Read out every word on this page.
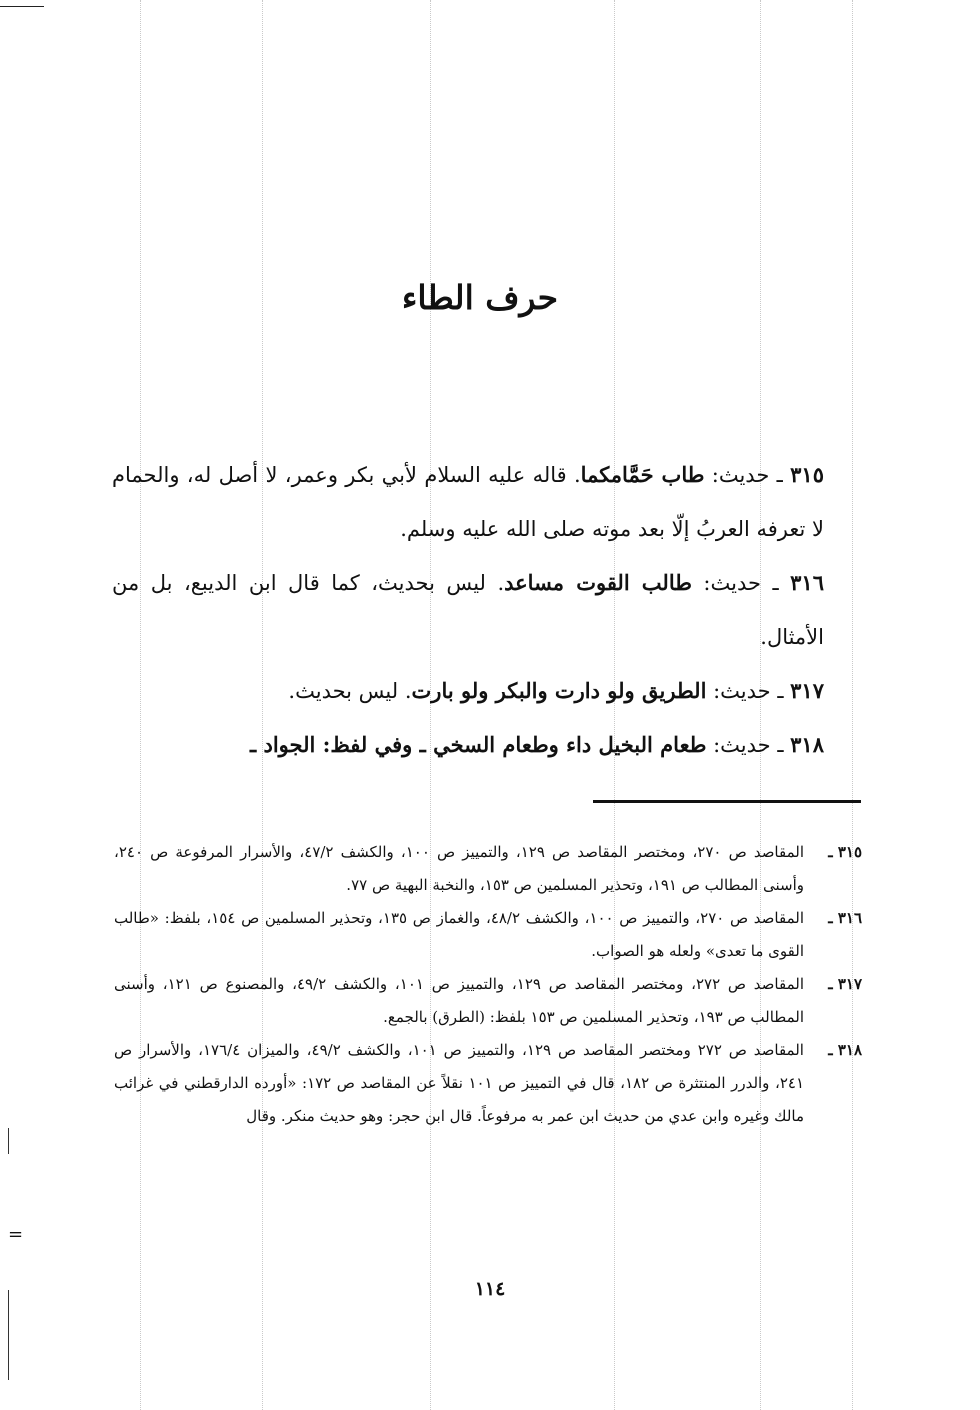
حرف الطاء

٣١٥ ـ حديث: طاب حَمَّامكما. قاله عليه السلام لأبي بكر وعمر، لا أصل له، والحمام لا تعرفه العربُ إلّا بعد موته صلى الله عليه وسلم.

٣١٦ ـ حديث: طالب القوت مساعد. ليس بحديث، كما قال ابن الديبع، بل من الأمثال.

٣١٧ ـ حديث: الطريق ولو دارت والبكر ولو بارت. ليس بحديث.

٣١٨ ـ حديث: طعام البخيل داء وطعام السخي ـ وفي لفظ: الجواد ـ

٣١٥ ـ
المقاصد ص ٢٧٠، ومختصر المقاصد ص ١٢٩، والتمييز ص ١٠٠، والكشف ٤٧/٢، والأسرار المرفوعة ص ٢٤٠، وأسنى المطالب ص ١٩١، وتحذير المسلمين ص ١٥٣، والنخبة البهية ص ٧٧.

٣١٦ ـ
المقاصد ص ٢٧٠، والتمييز ص ١٠٠، والكشف ٤٨/٢، والغماز ص ١٣٥، وتحذير المسلمين ص ١٥٤، بلفظ: «طالب القوى ما تعدى» ولعله هو الصواب.

٣١٧ ـ
المقاصد ص ٢٧٢، ومختصر المقاصد ص ١٢٩، والتمييز ص ١٠١، والكشف ٤٩/٢، والمصنوع ص ١٢١، وأسنى المطالب ص ١٩٣، وتحذير المسلمين ص ١٥٣ بلفظ: (الطرق) بالجمع.

٣١٨ ـ
المقاصد ص ٢٧٢ ومختصر المقاصد ص ١٢٩، والتمييز ص ١٠١، والكشف ٤٩/٢، والميزان ١٧٦/٤، والأسرار ص ٢٤١، والدرر المنتثرة ص ١٨٢، قال في التمييز ص ١٠١ نقلاً عن المقاصد ص ١٧٢: «أورده الدارقطني في غرائب مالك وغيره وابن عدي من حديث ابن عمر به مرفوعاً. قال ابن حجر: وهو حديث منكر. وقال

=
١١٤
